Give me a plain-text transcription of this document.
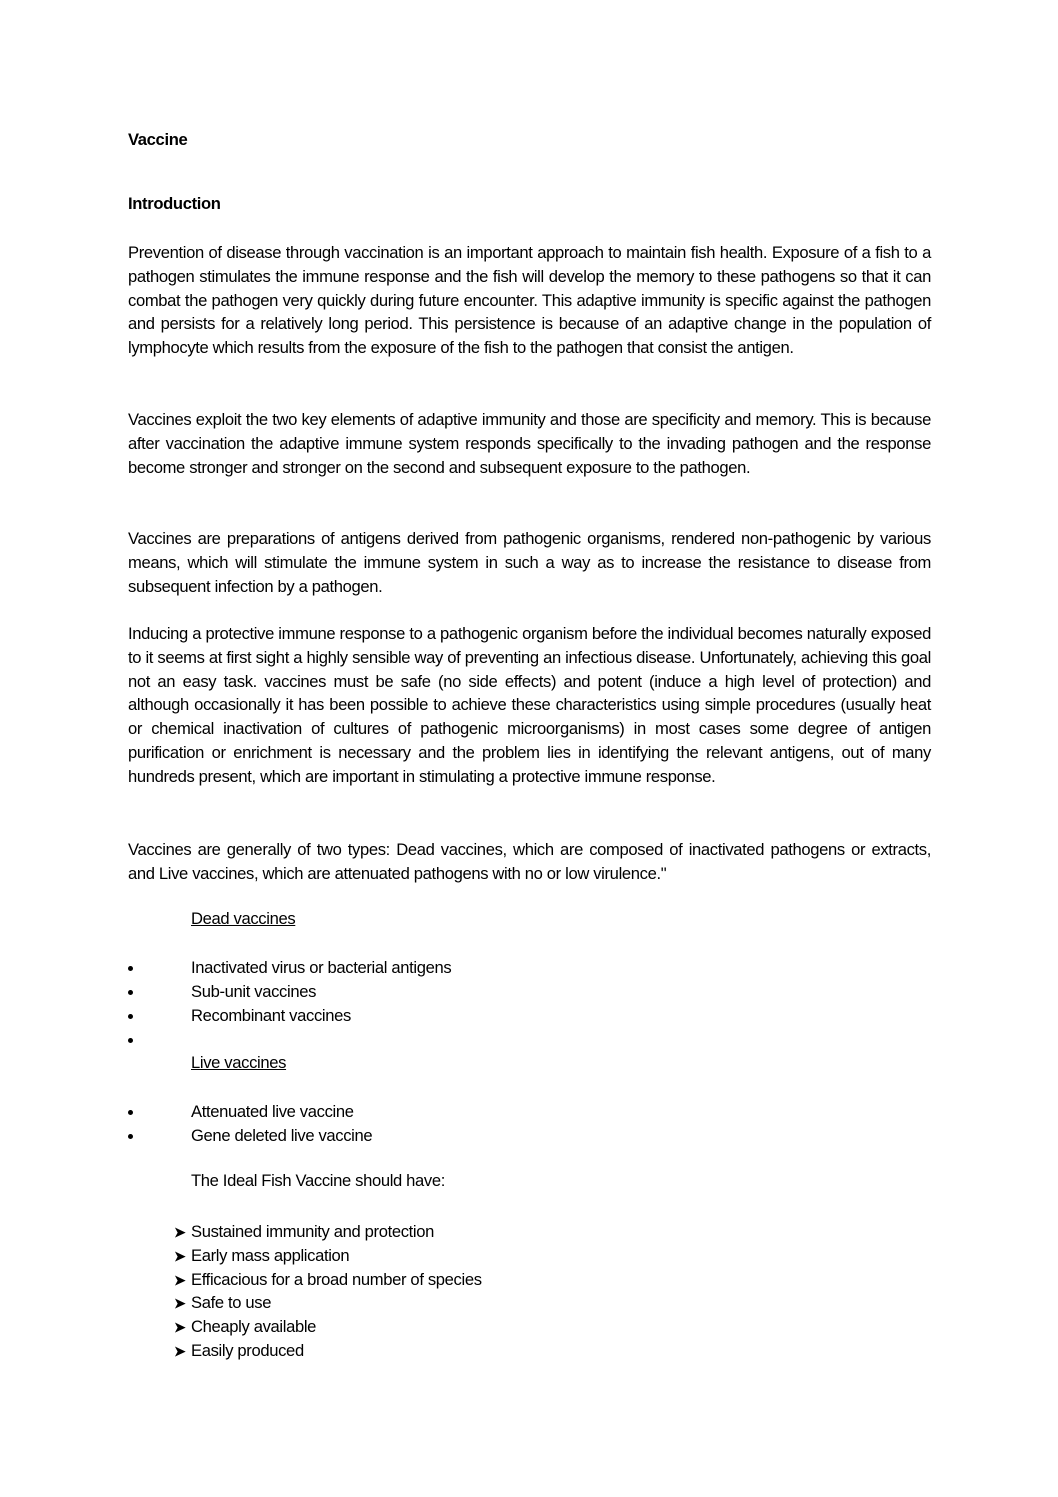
Vaccine
Introduction

Prevention of disease through vaccination is an important approach to maintain fish health. Exposure of a fish to a pathogen stimulates the immune response and the fish will develop the memory to these pathogens so that it can combat the pathogen very quickly during future encounter. This adaptive immunity is specific against the pathogen and persists for a relatively long period. This persistence is because of an adaptive change in the population of lymphocyte which results from the exposure of the fish to the pathogen that consist the antigen.

Vaccines exploit the two key elements of adaptive immunity and those are specificity and memory. This is because after vaccination the adaptive immune system responds specifically to the invading pathogen and the response become stronger and stronger on the second and subsequent exposure to the pathogen.

Vaccines are preparations of antigens derived from pathogenic organisms, rendered non-pathogenic by various means, which will stimulate the immune system in such a way as to increase the resistance to disease from subsequent infection by a pathogen.

Inducing a protective immune response to a pathogenic organism before the individual becomes naturally exposed to it seems at first sight a highly sensible way of preventing an infectious disease. Unfortunately, achieving this goal not an easy task. vaccines must be safe (no side effects) and potent (induce a high level of protection) and although occasionally it has been possible to achieve these characteristics using simple procedures (usually heat or chemical inactivation of cultures of pathogenic microorganisms) in most cases some degree of antigen purification or enrichment is necessary and the problem lies in identifying the relevant antigens, out of many hundreds present, which are important in stimulating a protective immune response.

Vaccines are generally of two types: Dead vaccines, which are composed of inactivated pathogens or extracts, and Live vaccines, which are attenuated pathogens with no or low virulence."

Dead vaccines
Inactivated virus or bacterial antigens
Sub-unit vaccines
Recombinant vaccines
Live vaccines
Attenuated live vaccine
Gene deleted live vaccine
The Ideal Fish Vaccine should have:
➤ Sustained immunity and protection
➤ Early mass application
➤ Efficacious for a broad number of species
➤ Safe to use
➤ Cheaply available
➤ Easily produced
